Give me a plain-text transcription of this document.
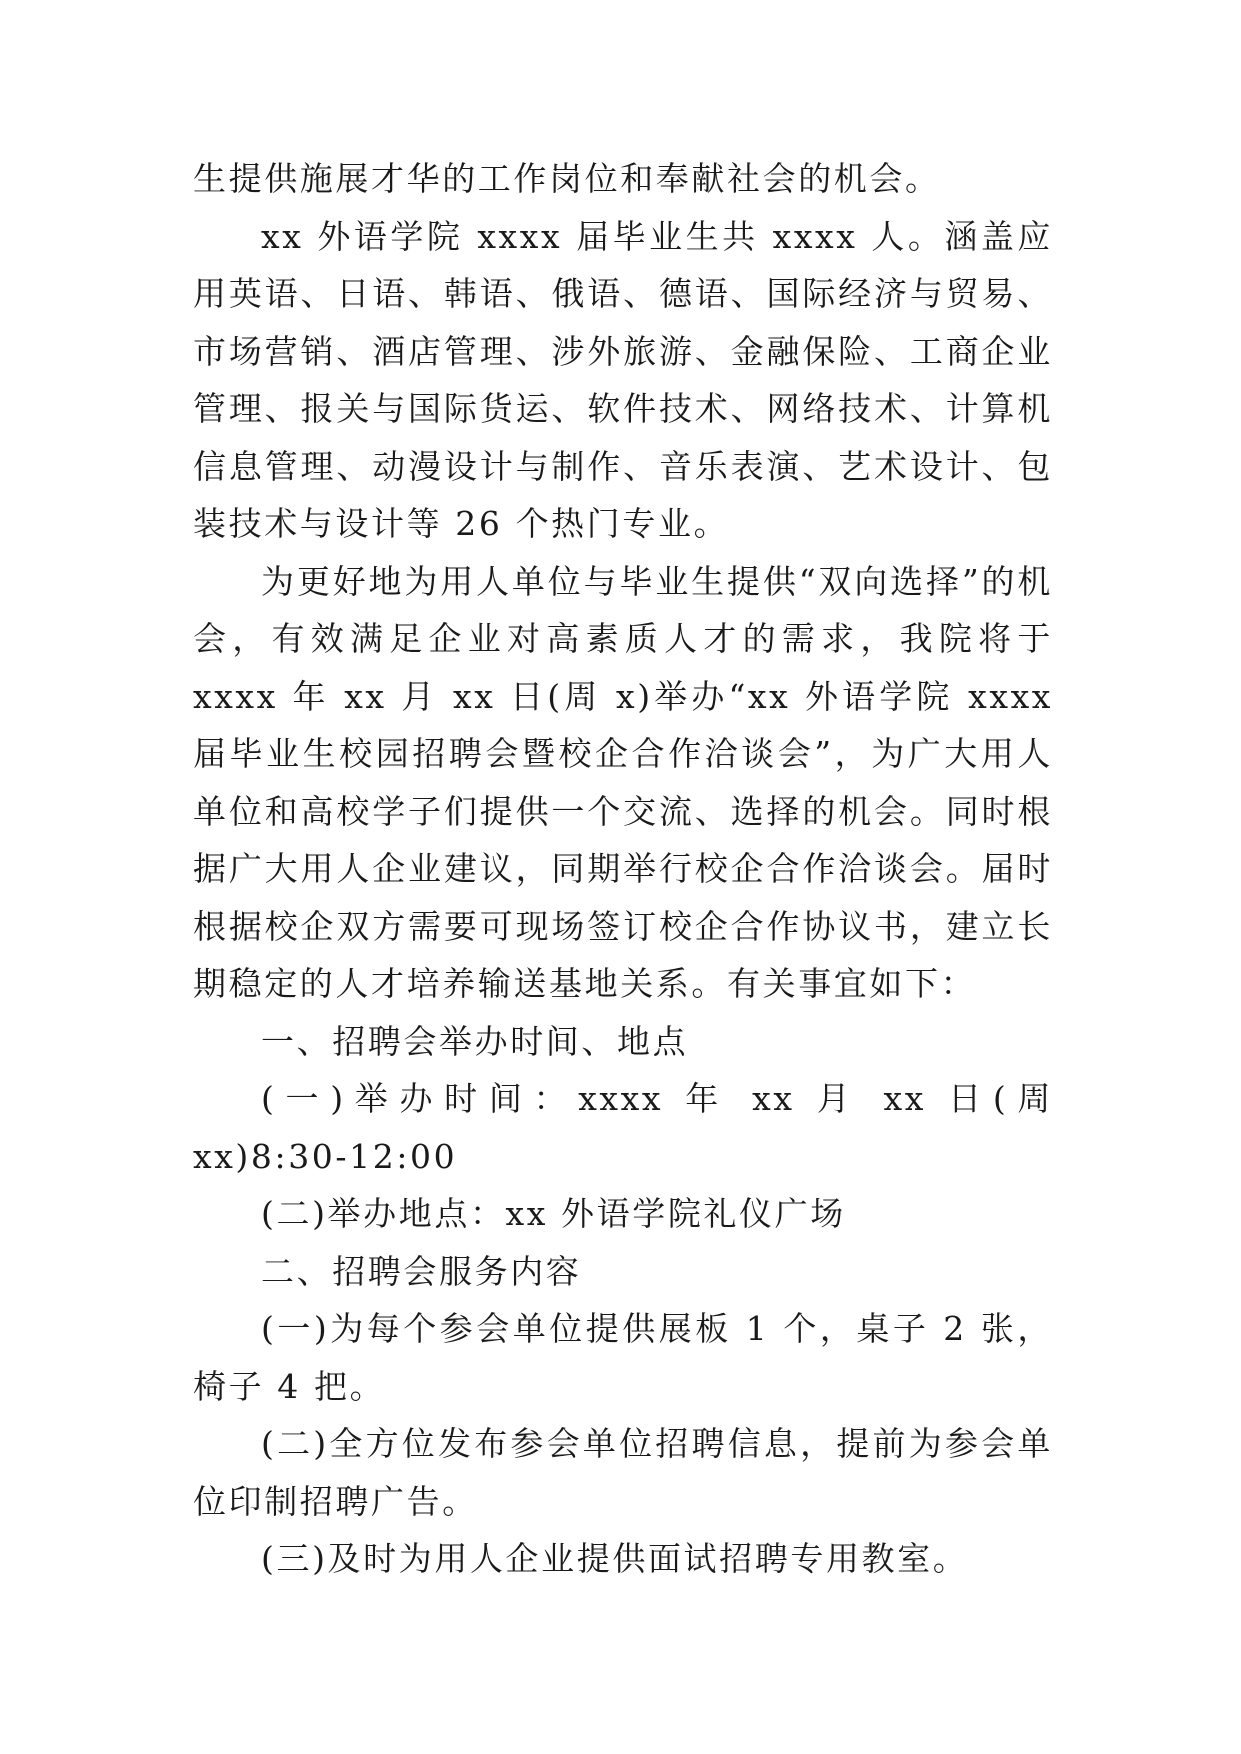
生提供施展才华的工作岗位和奉献社会的机会。

xx 外语学院 xxxx 届毕业生共 xxxx 人。涵盖应用英语、日语、韩语、俄语、德语、国际经济与贸易、市场营销、酒店管理、涉外旅游、金融保险、工商企业管理、报关与国际货运、软件技术、网络技术、计算机信息管理、动漫设计与制作、音乐表演、艺术设计、包装技术与设计等 26 个热门专业。

为更好地为用人单位与毕业生提供“双向选择”的机会，有效满足企业对高素质人才的需求，我院将于 xxxx 年 xx 月 xx 日(周 x)举办“xx 外语学院 xxxx 届毕业生校园招聘会暨校企合作洽谈会”，为广大用人单位和高校学子们提供一个交流、选择的机会。同时根据广大用人企业建议，同期举行校企合作洽谈会。届时根据校企双方需要可现场签订校企合作协议书，建立长期稳定的人才培养输送基地关系。有关事宜如下：

一、招聘会举办时间、地点

(一)举办时间：xxxx 年 xx 月 xx 日(周 xx)8:30-12:00

(二)举办地点：xx 外语学院礼仪广场

二、招聘会服务内容

(一)为每个参会单位提供展板 1 个，桌子 2 张，椅子 4 把。

(二)全方位发布参会单位招聘信息，提前为参会单位印制招聘广告。

(三)及时为用人企业提供面试招聘专用教室。
